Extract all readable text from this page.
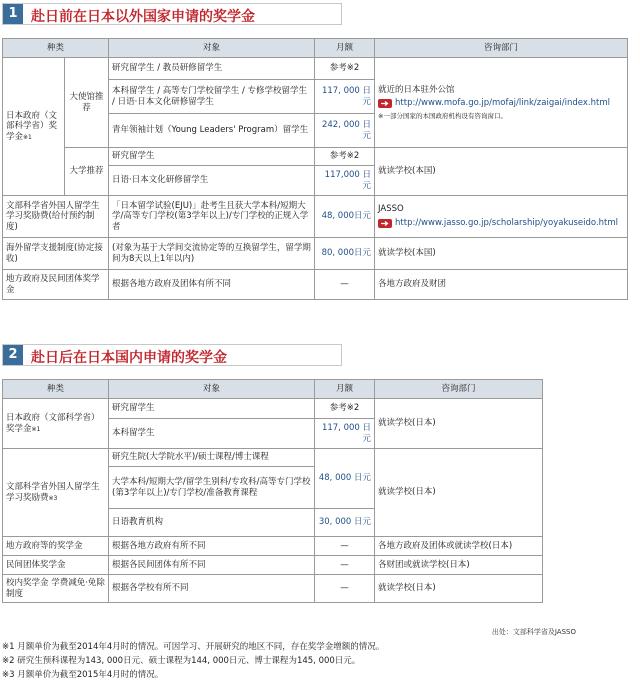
1 赴日前在日本以外国家申请的奖学金
种类		对象	月额	咨询部门
日本政府（文部科学省）奖学金※1	大使馆推荐	研究留学生 / 教员研修留学生	参考※2	就近的日本驻外公馆
http://www.mofa.go.jp/mofaj/link/zaigai/index.html
※一部分国家的本国政府机构设有咨询窗口。

		本科留学生 / 高等专门学校留学生 / 专修学校留学生 / 日语·日本文化研修留学生	117, 000 日元	
		青年领袖计划（Young Leaders' Program）留学生	242, 000 日元	
	大学推荐	研究留学生	参考※2	就读学校(本国)
		日语·日本文化研修留学生	117,000 日元	
文部科学省外国人留学生学习奖励费(给付预约制度)		「日本留学试验(EJU)」赴考生且获大学本科/短期大学/高等专门学校(第3学年以上)/专门学校的正规入学者	48, 000日元	JASSO
http://www.jasso.go.jp/scholarship/yoyakuseido.html

海外留学支援制度(协定接收)		(对象为基于大学间交流协定等的互换留学生，留学期间为8天以上1年以内)	80, 000日元	就读学校(本国)
地方政府及民间团体奖学金		根据各地方政府及团体有所不同	—	各地方政府及财团
2 赴日后在日本国内申请的奖学金
种类	对象	月额	咨询部门
日本政府（文部科学省）奖学金※1	研究留学生	参考※2	就读学校(日本)
	本科留学生	117, 000 日元	
文部科学省外国人留学生学习奖励费※3	研究生院(大学院水平)/硕士课程/博士课程	48, 000 日元	就读学校(日本)
	大学本科/短期大学/留学生别科/专攻科/高等专门学校(第3学年以上)/专门学校/准备教育课程		
	日语教育机构	30, 000 日元	
地方政府等的奖学金	根据各地方政府有所不同	—	各地方政府及团体或就读学校(日本)
民间团体奖学金	根据各民间团体有所不同	—	各财团或就读学校(日本)
校内奖学金 学费减免·免除制度	根据各学校有所不同	—	就读学校(日本)
出处：文部科学省及JASSO
※1 月额单价为截至2014年4月时的情况。可因学习、开展研究的地区不同，存在奖学金增额的情况。
※2 研究生预科课程为143, 000日元、硕士课程为144, 000日元、博士课程为145, 000日元。
※3 月额单价为截至2015年4月时的情况。
